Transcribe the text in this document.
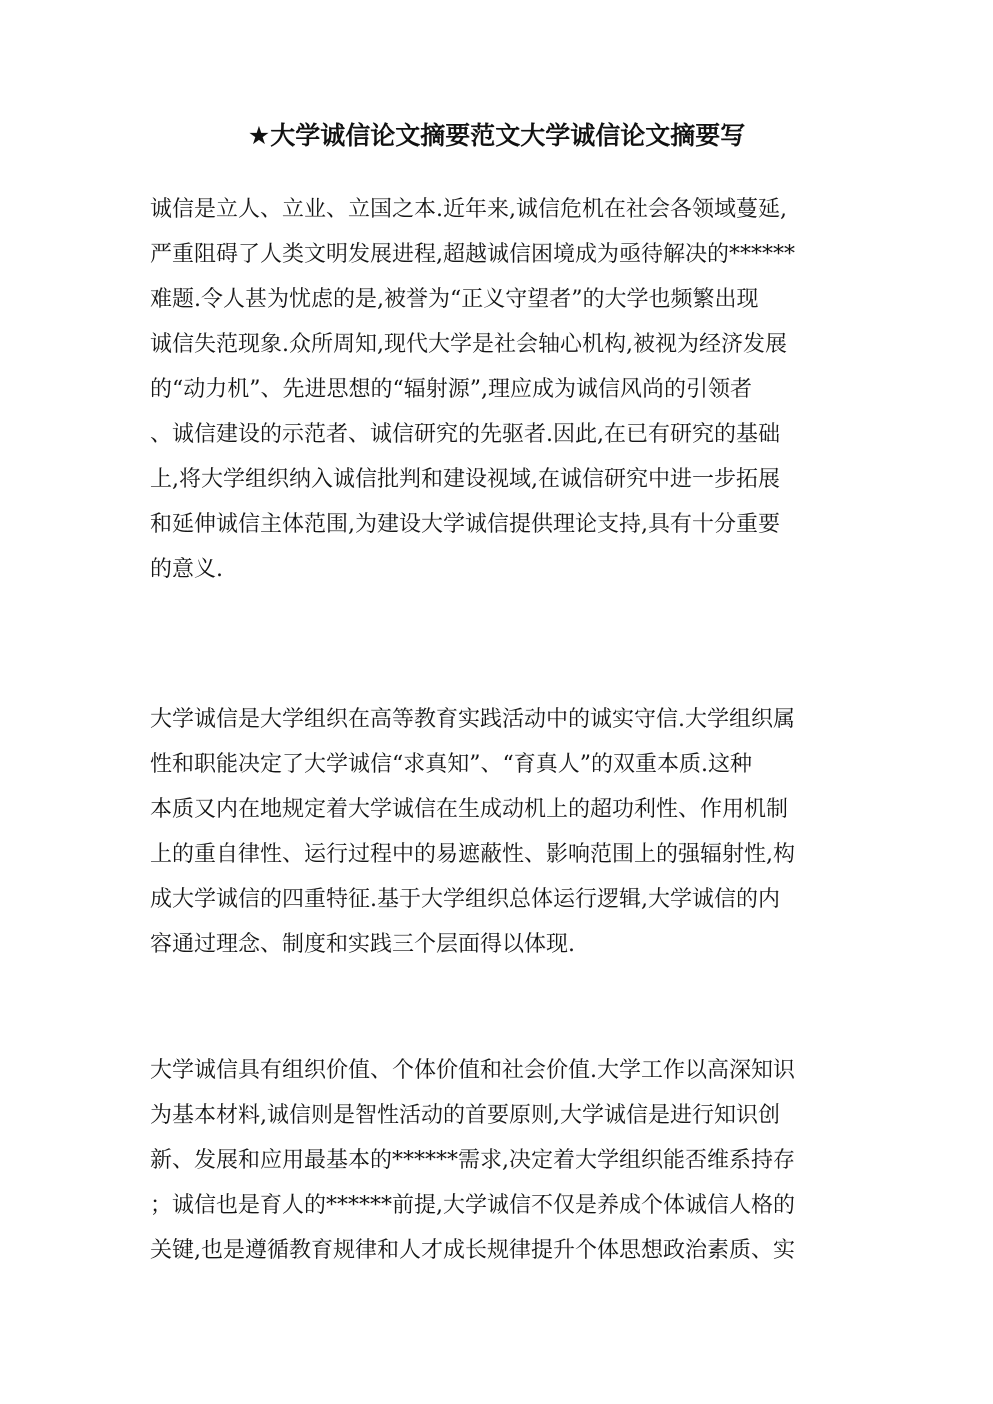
★大学诚信论文摘要范文大学诚信论文摘要写
诚信是立人、立业、立国之本.近年来,诚信危机在社会各领域蔓延,
严重阻碍了人类文明发展进程,超越诚信困境成为亟待解决的******
难题.令人甚为忧虑的是,被誉为“正义守望者”的大学也频繁出现
诚信失范现象.众所周知,现代大学是社会轴心机构,被视为经济发展
的“动力机”、先进思想的“辐射源”,理应成为诚信风尚的引领者
、诚信建设的示范者、诚信研究的先驱者.因此,在已有研究的基础
上,将大学组织纳入诚信批判和建设视域,在诚信研究中进一步拓展
和延伸诚信主体范围,为建设大学诚信提供理论支持,具有十分重要
的意义.
大学诚信是大学组织在高等教育实践活动中的诚实守信.大学组织属
性和职能决定了大学诚信“求真知”、“育真人”的双重本质.这种
本质又内在地规定着大学诚信在生成动机上的超功利性、作用机制
上的重自律性、运行过程中的易遮蔽性、影响范围上的强辐射性,构
成大学诚信的四重特征.基于大学组织总体运行逻辑,大学诚信的内
容通过理念、制度和实践三个层面得以体现.
大学诚信具有组织价值、个体价值和社会价值.大学工作以高深知识
为基本材料,诚信则是智性活动的首要原则,大学诚信是进行知识创
新、发展和应用最基本的******需求,决定着大学组织能否维系持存
；诚信也是育人的******前提,大学诚信不仅是养成个体诚信人格的
关键,也是遵循教育规律和人才成长规律提升个体思想政治素质、实
